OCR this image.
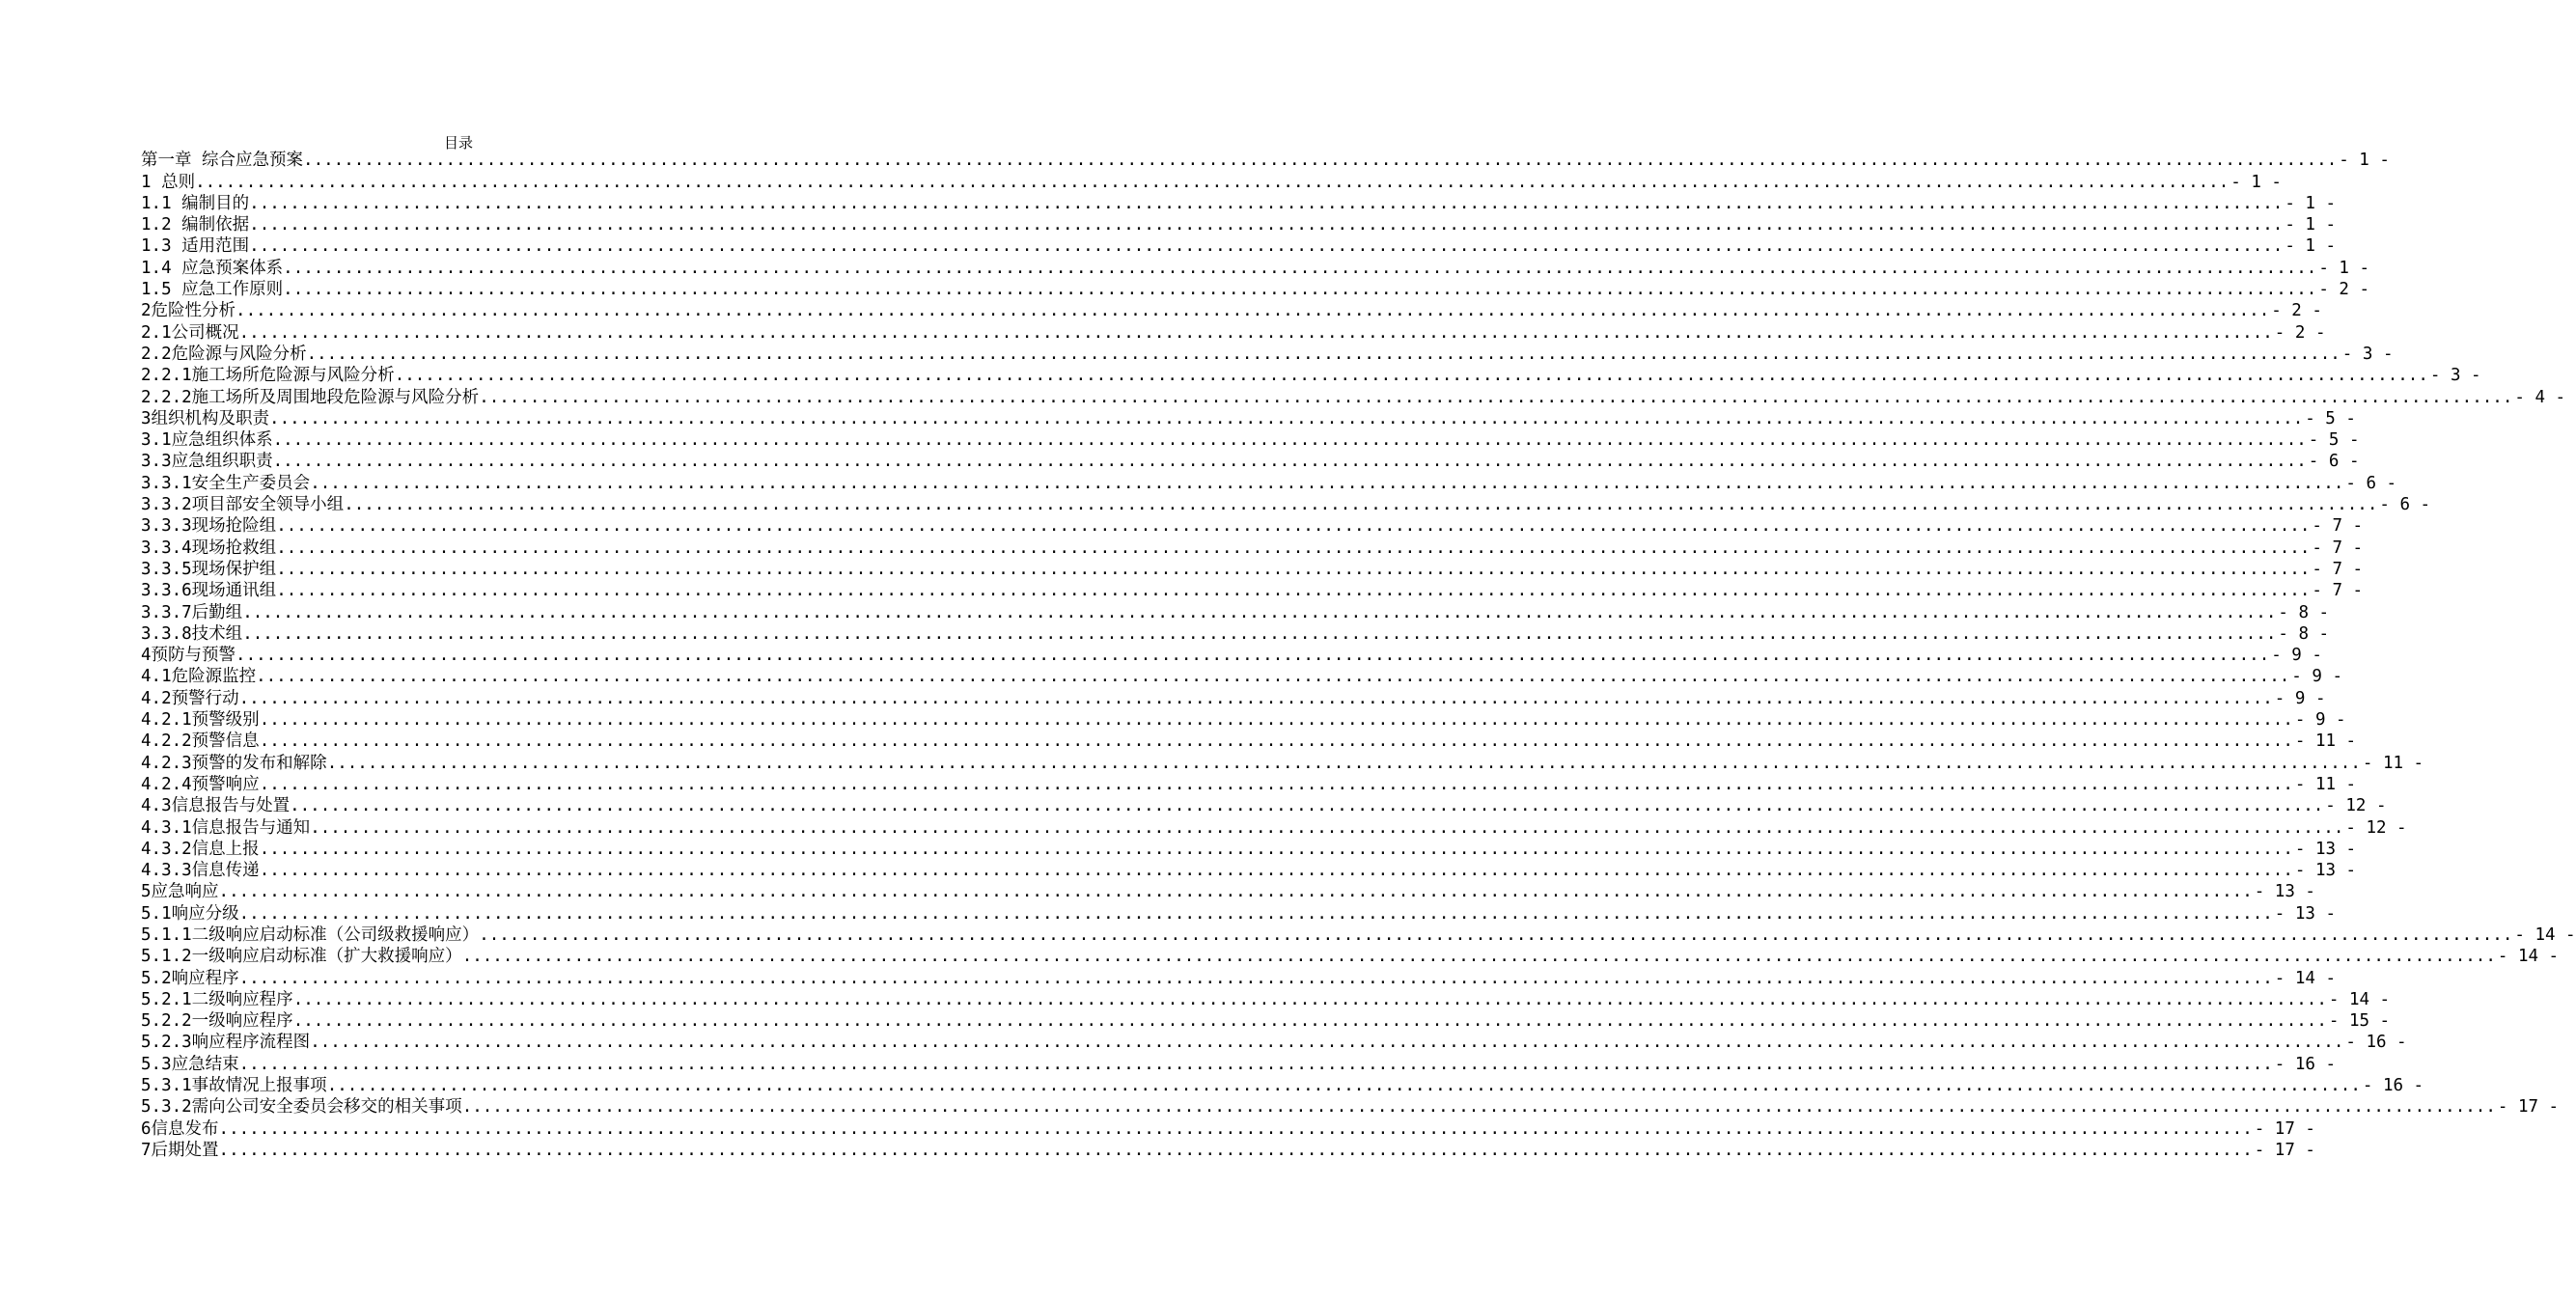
目录
第一章 综合应急预案 ........................................................................................................................................................................................................ - 1 -
1 总则 ........................................................................................................................................................................................................ - 1 -
1.1 编制目的 ........................................................................................................................................................................................................ - 1 -
1.2 编制依据 ........................................................................................................................................................................................................ - 1 -
1.3 适用范围 ........................................................................................................................................................................................................ - 1 -
1.4 应急预案体系 ........................................................................................................................................................................................................ - 1 -
1.5 应急工作原则 ........................................................................................................................................................................................................ - 2 -
2危险性分析 ........................................................................................................................................................................................................ - 2 -
2.1公司概况 ........................................................................................................................................................................................................ - 2 -
2.2危险源与风险分析 ........................................................................................................................................................................................................ - 3 -
2.2.1施工场所危险源与风险分析 ........................................................................................................................................................................................................ - 3 -
2.2.2施工场所及周围地段危险源与风险分析 ........................................................................................................................................................................................................ - 4 -
3组织机构及职责 ........................................................................................................................................................................................................ - 5 -
3.1应急组织体系 ........................................................................................................................................................................................................ - 5 -
3.3应急组织职责 ........................................................................................................................................................................................................ - 6 -
3.3.1安全生产委员会 ........................................................................................................................................................................................................ - 6 -
3.3.2项目部安全领导小组 ........................................................................................................................................................................................................ - 6 -
3.3.3现场抢险组 ........................................................................................................................................................................................................ - 7 -
3.3.4现场抢救组 ........................................................................................................................................................................................................ - 7 -
3.3.5现场保护组 ........................................................................................................................................................................................................ - 7 -
3.3.6现场通讯组 ........................................................................................................................................................................................................ - 7 -
3.3.7后勤组 ........................................................................................................................................................................................................ - 8 -
3.3.8技术组 ........................................................................................................................................................................................................ - 8 -
4预防与预警 ........................................................................................................................................................................................................ - 9 -
4.1危险源监控 ........................................................................................................................................................................................................ - 9 -
4.2预警行动 ........................................................................................................................................................................................................ - 9 -
4.2.1预警级别 ........................................................................................................................................................................................................ - 9 -
4.2.2预警信息 ........................................................................................................................................................................................................ - 11 -
4.2.3预警的发布和解除 ........................................................................................................................................................................................................ - 11 -
4.2.4预警响应 ........................................................................................................................................................................................................ - 11 -
4.3信息报告与处置 ........................................................................................................................................................................................................ - 12 -
4.3.1信息报告与通知 ........................................................................................................................................................................................................ - 12 -
4.3.2信息上报 ........................................................................................................................................................................................................ - 13 -
4.3.3信息传递 ........................................................................................................................................................................................................ - 13 -
5应急响应 ........................................................................................................................................................................................................ - 13 -
5.1响应分级 ........................................................................................................................................................................................................ - 13 -
5.1.1二级响应启动标准（公司级救援响应） ........................................................................................................................................................................................................ - 14 -
5.1.2一级响应启动标准（扩大救援响应） ........................................................................................................................................................................................................ - 14 -
5.2响应程序 ........................................................................................................................................................................................................ - 14 -
5.2.1二级响应程序 ........................................................................................................................................................................................................ - 14 -
5.2.2一级响应程序 ........................................................................................................................................................................................................ - 15 -
5.2.3响应程序流程图 ........................................................................................................................................................................................................ - 16 -
5.3应急结束 ........................................................................................................................................................................................................ - 16 -
5.3.1事故情况上报事项 ........................................................................................................................................................................................................ - 16 -
5.3.2需向公司安全委员会移交的相关事项 ........................................................................................................................................................................................................ - 17 -
6信息发布 ........................................................................................................................................................................................................ - 17 -
7后期处置 ........................................................................................................................................................................................................ - 17 -
